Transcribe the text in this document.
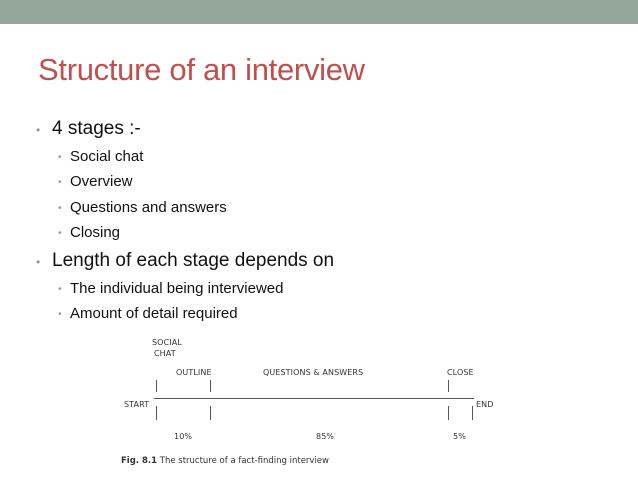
Structure of an interview
• 4 stages :-
• Social chat
• Overview
• Questions and answers
• Closing
• Length of each stage depends on
• The individual being interviewed
• Amount of detail required
SOCIAL
CHAT
OUTLINE	QUESTIONS & ANSWERS	CLOSE
START	END
10%	85%	5%
Fig. 8.1 The structure of a fact-finding interview
